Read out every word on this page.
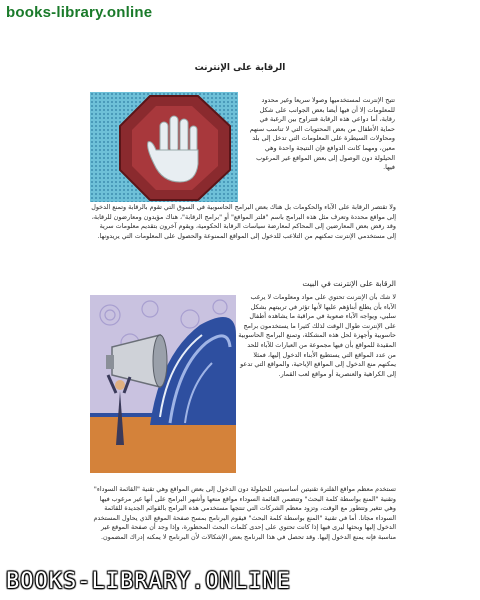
books-library.online
الرقابة على الإنترنت
تتيح الإنترنت لمستخدميها وصولا سريعا وغير محدود للمعلومات إلا أن فيها أيضا بعض الجوانب على شكل رقابة، أما دواعي هذه الرقابة فتتراوح بين الرغبة في حماية الأطفال من بعض المحتويات التي لا تناسب سنهم ومحاولات السيطرة على المعلومات التي تدخل إلى بلد معين، ومهما كانت الدوافع فإن النتيجة واحدة وهي الحيلولة دون الوصول إلى بعض المواقع غير المرغوب فيها.
ولا تقتصر الرقابة على الآباء والحكومات بل هناك بعض البرامج الحاسوبية في السوق التي تقوم بالرقابة وتمنع الدخول إلى مواقع محددة وتعرف مثل هذه البرامج باسم "فلتر المواقع" أو "برامج الرقابة"، هناك مؤيدون ومعارضون للرقابة، وقد رفض بعض المعارضين إلى المحاكم لمعارضة سياسات الرقابة الحكومية، ويقوم آخرون بتقديم معلومات سرية إلى مستخدمي الإنترنت تمكنهم من التلاعب للدخول إلى المواقع الممنوعة والحصول على المعلومات التي يريدونها.
الرقابة على الإنترنت في البيت
لا شك بأن الإنترنت تحتوي على مواد ومعلومات لا يرغب الآباء بأن يطلع أبناؤهم عليها لأنها تؤثر في تربيتهم بشكل سلبي، ويواجه الآباء صعوبة في مراقبة ما يشاهده أطفال على الإنترنت طوال الوقت لذلك كثيرا ما يستخدمون برامج حاسوبية وأجهزة لحل هذه المشكلة، وتمنع البرامج الحاسوبية المقيدة للمواقع بأن فيها مجموعة من العبارات للآباء للحد من عدد المواقع التي يستطيع الأبناء الدخول إليها، فمثلا يمكنهم منع الدخول إلى المواقع الإباحية، والمواقع التي تدعو إلى الكراهية والعنصرية أو مواقع لعب القمار.
تستخدم معظم مواقع الفلترة تقنيتين أساسيتين للحيلولة دون الدخول إلى بعض المواقع وهي تقنية "القائمة السوداء" وتقنية "المنع بواسطة كلمة البحث" وتتضمن القائمة السوداء مواقع منعها وأشهر البرامج على أنها غير مرغوب فيها وهي تتغير وتتطور مع الوقت، وتزود معظم الشركات التي تنتجها مستخدمي هذه البرامج بالقوائم الجديدة للقائمة السوداء مجانا. أما في تقنية "المنع بواسطة كلمة البحث" فيقوم البرنامج بمسح صفحة الموقع الذي يحاول المستخدم الدخول إليها وبحثها ليرى فيها إذا كانت تحتوي على إحدى كلمات البحث المحظورة، وإذا وجد أن صفحة الموقع غير مناسبة فإنه يمنع الدخول إليها. وقد تحصل في هذا البرنامج بعض الإشكالات لأن البرنامج لا يمكنه إدراك المضمون.
BOOKS-LIBRARY.ONLINE
